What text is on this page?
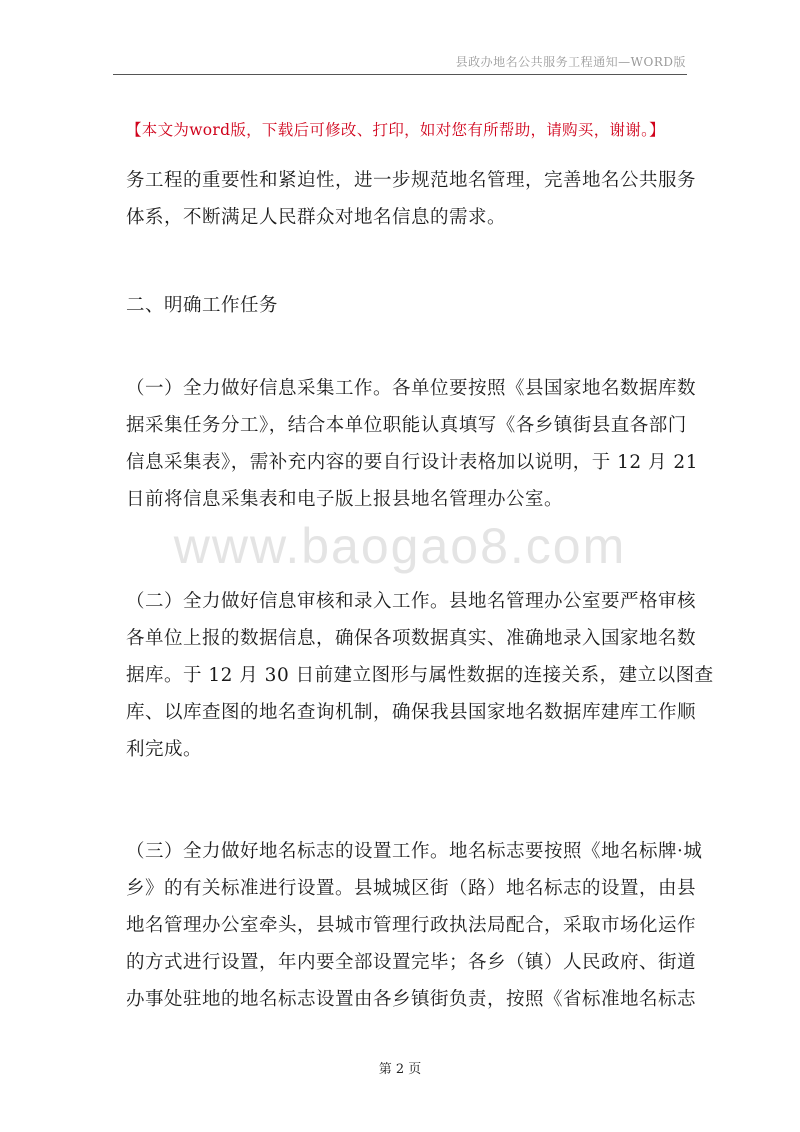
县政办地名公共服务工程通知—WORD版
【本文为word版，下载后可修改、打印，如对您有所帮助，请购买，谢谢。】
www.baogao8.com
务工程的重要性和紧迫性，进一步规范地名管理，完善地名公共服务
体系，不断满足人民群众对地名信息的需求。
二、明确工作任务
（一）全力做好信息采集工作。各单位要按照《县国家地名数据库数
据采集任务分工》，结合本单位职能认真填写《各乡镇街县直各部门
信息采集表》，需补充内容的要自行设计表格加以说明，于 12 月 21
日前将信息采集表和电子版上报县地名管理办公室。
（二）全力做好信息审核和录入工作。县地名管理办公室要严格审核
各单位上报的数据信息，确保各项数据真实、准确地录入国家地名数
据库。于 12 月 30 日前建立图形与属性数据的连接关系，建立以图查
库、以库查图的地名查询机制，确保我县国家地名数据库建库工作顺
利完成。
（三）全力做好地名标志的设置工作。地名标志要按照《地名标牌·城
乡》的有关标准进行设置。县城城区街（路）地名标志的设置，由县
地名管理办公室牵头，县城市管理行政执法局配合，采取市场化运作
的方式进行设置，年内要全部设置完毕；各乡（镇）人民政府、街道
办事处驻地的地名标志设置由各乡镇街负责，按照《省标准地名标志
第 2 页
